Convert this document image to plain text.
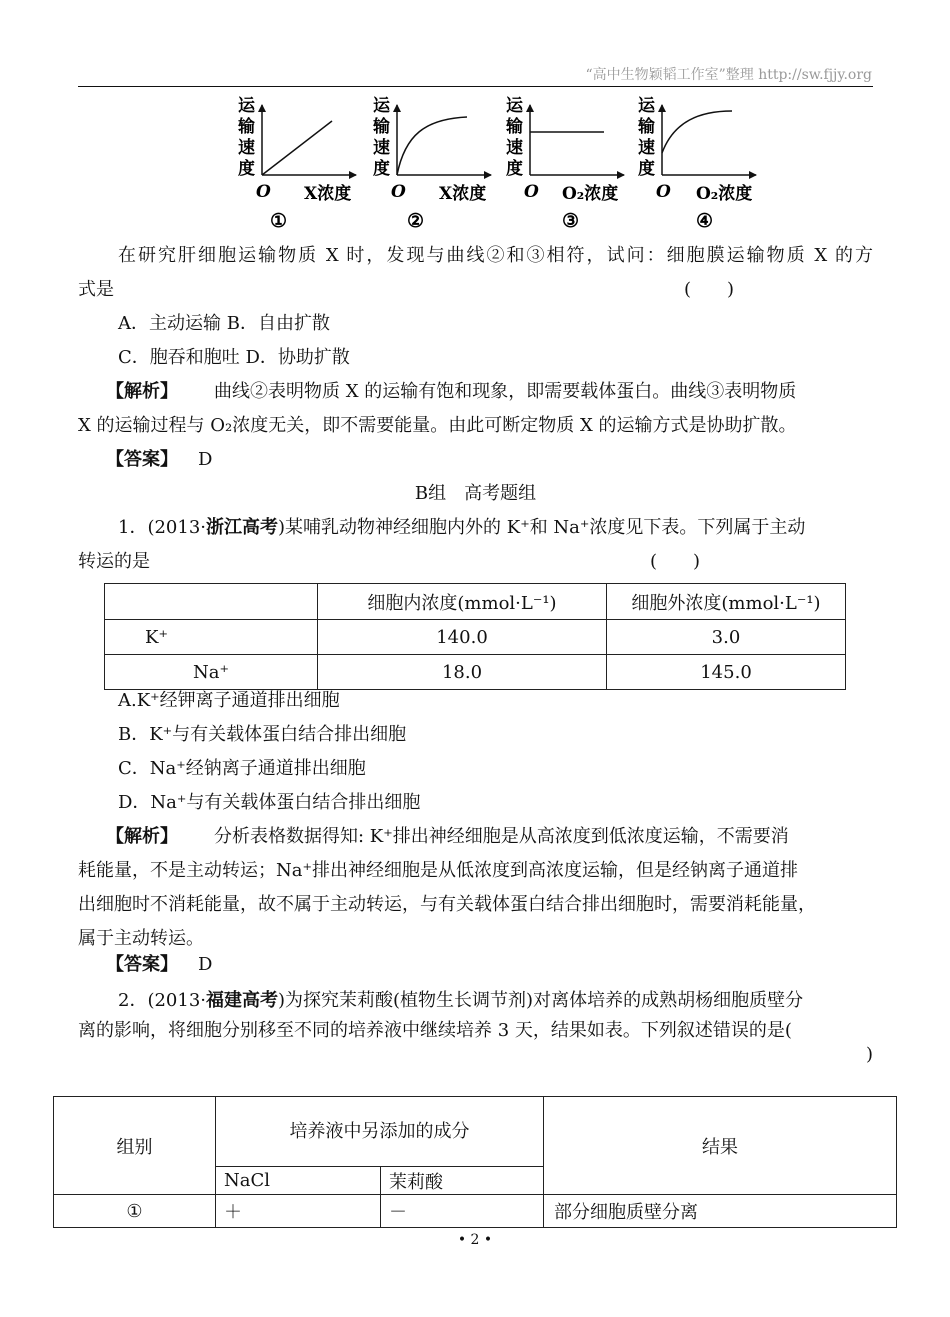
“高中生物颖韬工作室”整理 http://sw.fjjy.org
运
输
速
度
O X浓度
①
运
输
速
度
O X浓度
②
运
输
速
度
O O₂浓度
③
运
输
速
度
O O₂浓度
④
在研究肝细胞运输物质 X 时，发现与曲线②和③相符，试问：细胞膜运输物质 X 的方
式是	(　　)
A．主动运输 B．自由扩散
C．胞吞和胞吐 D．协助扩散
【解析】 曲线②表明物质 X 的运输有饱和现象，即需要载体蛋白。曲线③表明物质
X 的运输过程与 O₂浓度无关，即不需要能量。由此可断定物质 X 的运输方式是协助扩散。
【答案】 D
B组　高考题组
1．(2013·浙江高考)某哺乳动物神经细胞内外的 K⁺和 Na⁺浓度见下表。下列属于主动
转运的是	(　　)
	细胞内浓度(mmol·L⁻¹)	细胞外浓度(mmol·L⁻¹)
K⁺	140.0	3.0
Na⁺	18.0	145.0
A.K⁺经钾离子通道排出细胞
B．K⁺与有关载体蛋白结合排出细胞
C．Na⁺经钠离子通道排出细胞
D．Na⁺与有关载体蛋白结合排出细胞
【解析】 分析表格数据得知: K⁺排出神经细胞是从高浓度到低浓度运输，不需要消
耗能量，不是主动转运；Na⁺排出神经细胞是从低浓度到高浓度运输，但是经钠离子通道排
出细胞时不消耗能量，故不属于主动转运，与有关载体蛋白结合排出细胞时，需要消耗能量，
属于主动转运。
【答案】 D
2．(2013·福建高考)为探究茉莉酸(植物生长调节剂)对离体培养的成熟胡杨细胞质壁分
离的影响，将细胞分别移至不同的培养液中继续培养 3 天，结果如表。下列叙述错误的是(
)
组别	培养液中另添加的成分		结果
	NaCl	茉莉酸	
①	＋	－	部分细胞质壁分离
• 2 •
